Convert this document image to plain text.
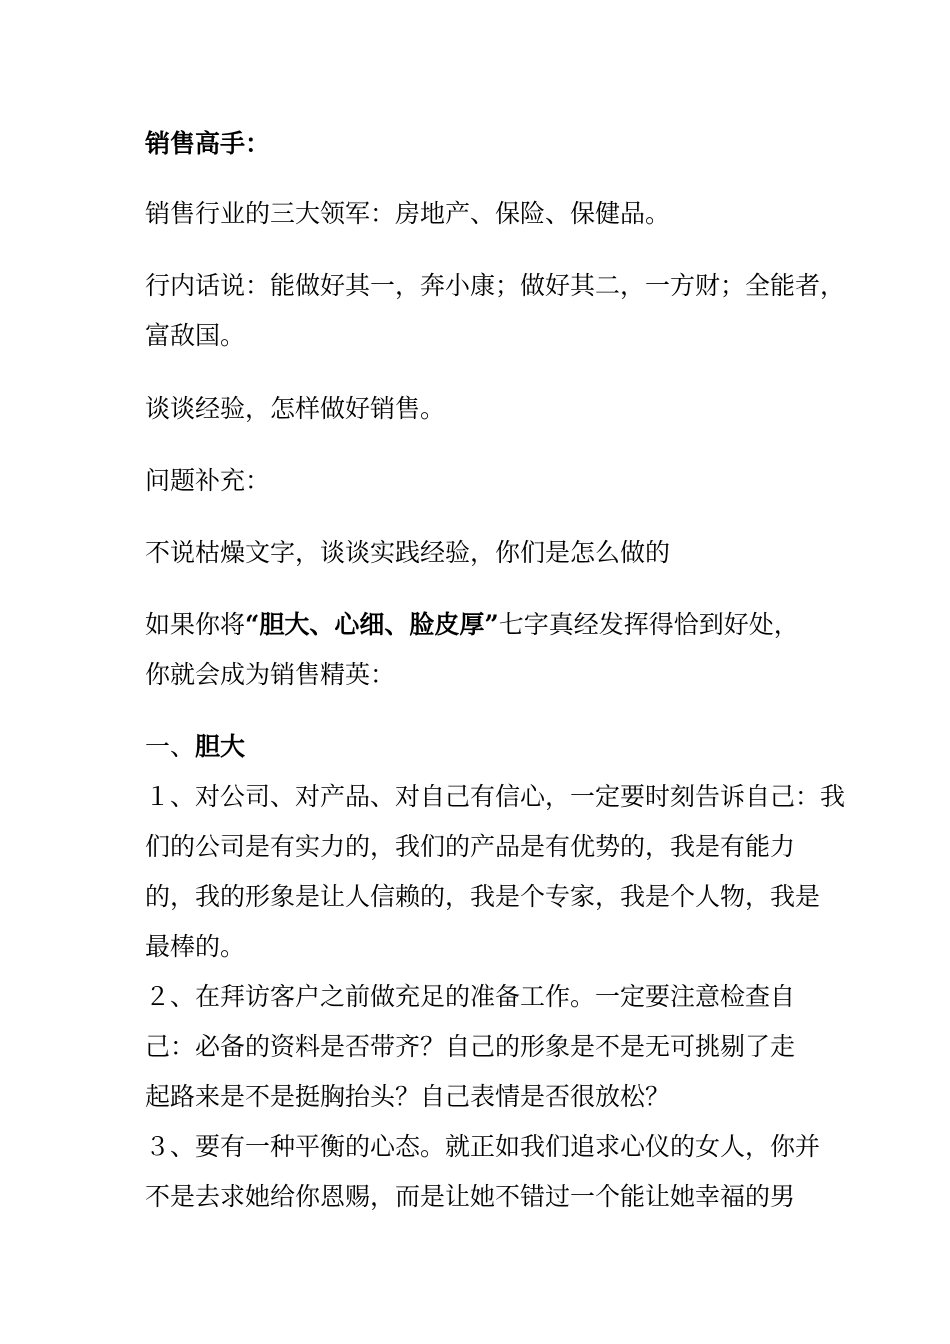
销售高手：

销售行业的三大领军：房地产、保险、保健品。

行内话说：能做好其一，奔小康；做好其二，一方财；全能者，
富敌国。

谈谈经验，怎样做好销售。

问题补充：

不说枯燥文字，谈谈实践经验，你们是怎么做的

如果你将“胆大、心细、脸皮厚”七字真经发挥得恰到好处，
你就会成为销售精英：

一、胆大

１、对公司、对产品、对自己有信心，一定要时刻告诉自己：我
们的公司是有实力的，我们的产品是有优势的，我是有能力
的，我的形象是让人信赖的，我是个专家，我是个人物，我是
最棒的。
２、在拜访客户之前做充足的准备工作。一定要注意检查自
己：必备的资料是否带齐？自己的形象是不是无可挑剔了走
起路来是不是挺胸抬头？自己表情是否很放松？
３、要有一种平衡的心态。就正如我们追求心仪的女人，你并
不是去求她给你恩赐，而是让她不错过一个能让她幸福的男
